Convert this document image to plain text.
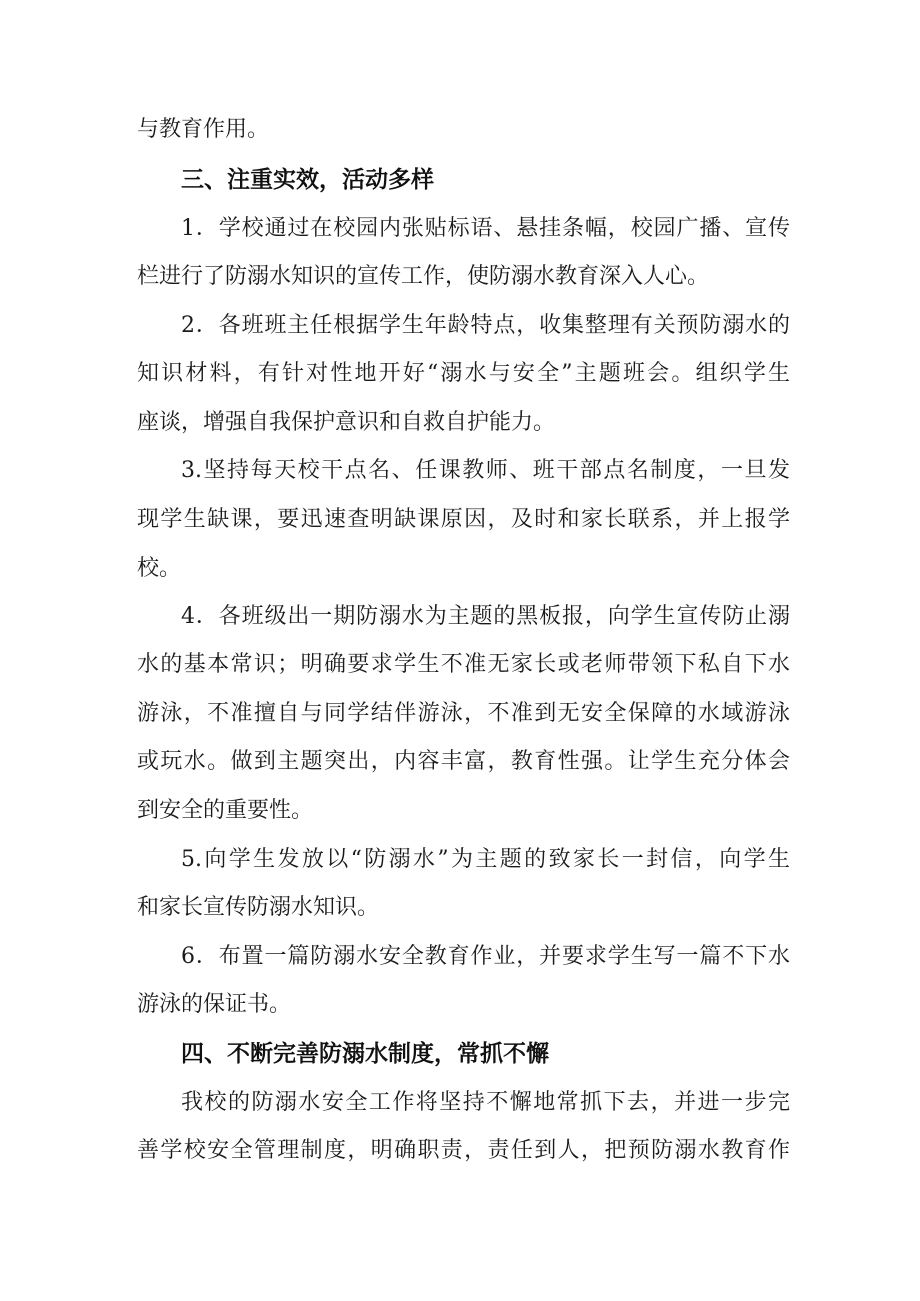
与教育作用。
三、注重实效，活动多样
1．学校通过在校园内张贴标语、悬挂条幅，校园广播、宣传
栏进行了防溺水知识的宣传工作，使防溺水教育深入人心。
2．各班班主任根据学生年龄特点，收集整理有关预防溺水的
知识材料，有针对性地开好“溺水与安全”主题班会。组织学生
座谈，增强自我保护意识和自救自护能力。
3.坚持每天校干点名、任课教师、班干部点名制度，一旦发
现学生缺课，要迅速查明缺课原因，及时和家长联系，并上报学
校。
4．各班级出一期防溺水为主题的黑板报，向学生宣传防止溺
水的基本常识；明确要求学生不准无家长或老师带领下私自下水
游泳，不准擅自与同学结伴游泳，不准到无安全保障的水域游泳
或玩水。做到主题突出，内容丰富，教育性强。让学生充分体会
到安全的重要性。
5.向学生发放以“防溺水”为主题的致家长一封信，向学生
和家长宣传防溺水知识。
6．布置一篇防溺水安全教育作业，并要求学生写一篇不下水
游泳的保证书。
四、不断完善防溺水制度，常抓不懈
我校的防溺水安全工作将坚持不懈地常抓下去，并进一步完
善学校安全管理制度，明确职责，责任到人，把预防溺水教育作
